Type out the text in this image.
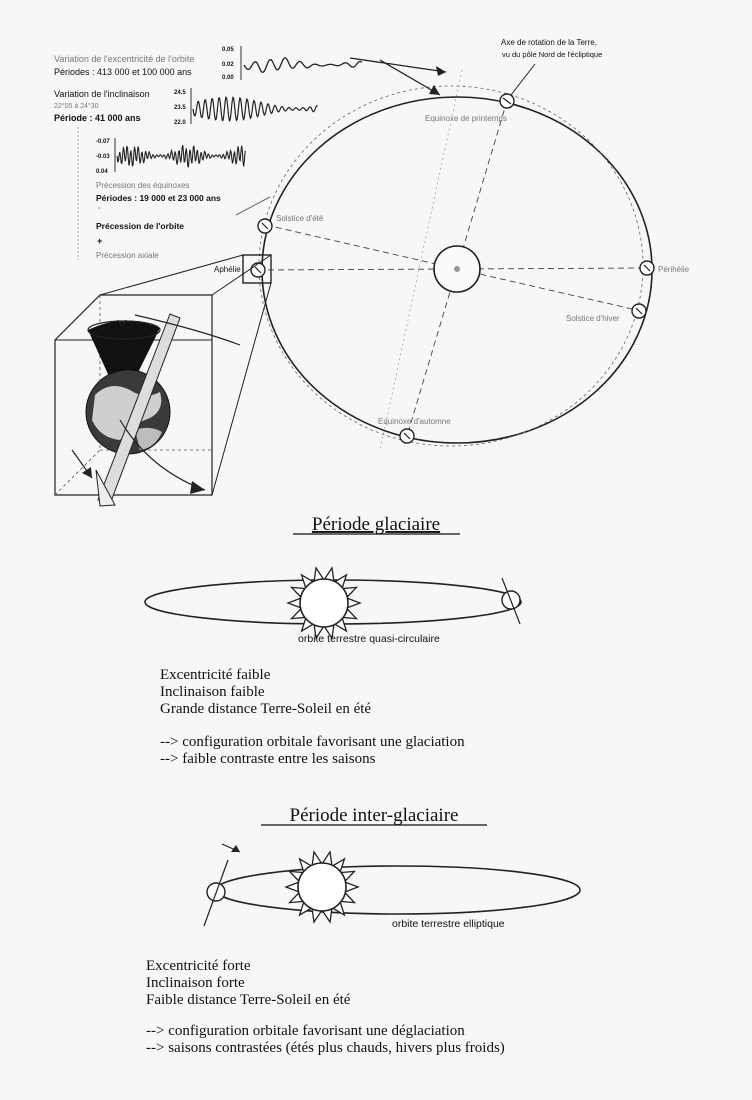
Variation de l'excentricité de l'orbite
Périodes : 413 000 et 100 000 ans
0.05
0.02
0.00
Variation de l'inclinaison
22°05 à 24°30
Période : 41 000 ans
24.5
23.5
22.0
-0.07
-0.03
0.04
Précession des équinoxes
Périodes : 19 000 et 23 000 ans
°
Précession de l'orbite
+
Précession axiale
Axe de rotation de la Terre,
vu du pôle Nord de l'écliptique
Equinoxe de printemps
Solstice d'été
Aphélie	Périhélie
Solstice d'hiver
Equinoxe d'automne
Période glaciaire
orbite terrestre quasi-circulaire
Excentricité faible
Inclinaison faible
Grande distance Terre-Soleil en été
--> configuration orbitale favorisant une glaciation
--> faible contraste entre les saisons
Période inter-glaciaire
orbite terrestre elliptique
Excentricité forte
Inclinaison forte
Faible distance Terre-Soleil en été
--> configuration orbitale favorisant une déglaciation
--> saisons contrastées (étés plus chauds, hivers plus froids)
